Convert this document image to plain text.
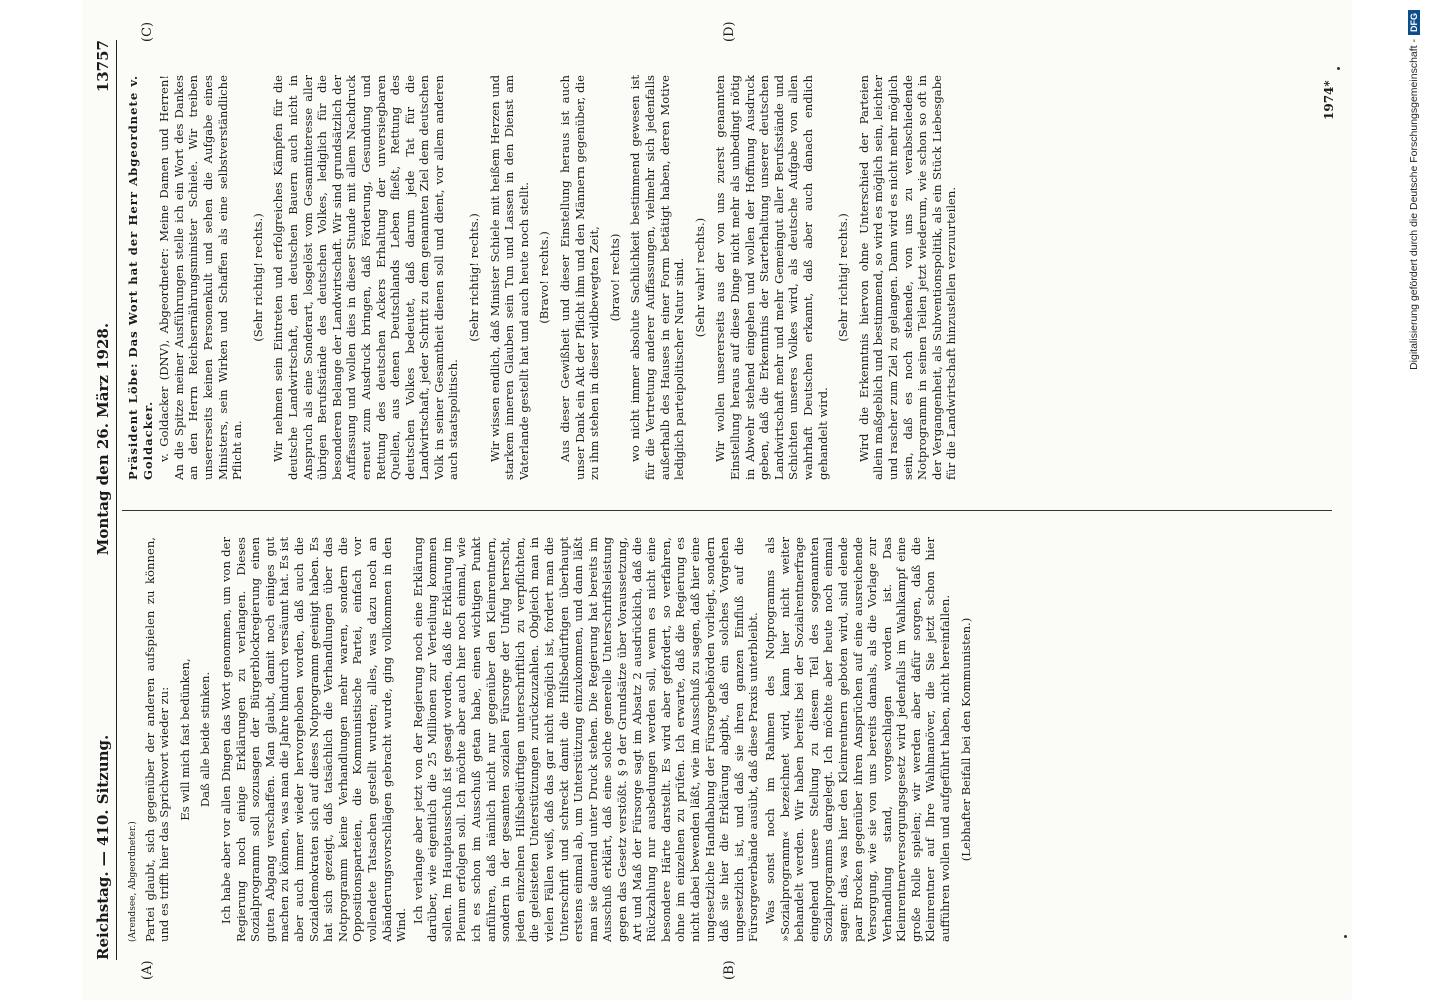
Reichstag. — 410. Sitzung.
Montag den 26. März 1928.
13757
(A)	(B)
(C)	(D)

(Arendsee, Abgeordneter.) Partei glaubt, sich gegenüber der anderen aufspielen zu können, und es trifft hier das Sprichwort wieder zu: Es will mich fast bedünken, Daß alle beide stinken. Ich habe aber vor allen Dingen das Wort genommen, um von der Regierung noch einige Erklärungen zu verlangen. Dieses Sozialprogramm soll sozusagen der Bürgerblockregierung einen guten Abgang verschaffen. Man glaubt, damit noch einiges gut machen zu können, was man die Jahre hindurch versäumt hat. Es ist aber auch immer wieder hervorgehoben worden, daß auch die Sozialdemokraten sich auf dieses Notprogramm geeinigt haben. Es hat sich gezeigt, daß tatsächlich die Verhandlungen über das Notprogramm keine Verhandlungen mehr waren, sondern die Oppositionsparteien, die Kommunistische Partei, einfach vor vollendete Tatsachen gestellt wurden; alles, was dazu noch an Abänderungsvorschlägen gebracht wurde, ging vollkommen in den Wind.

Ich verlange aber jetzt von der Regierung noch eine Erklärung darüber, wie eigentlich die 25 Millionen zur Verteilung kommen sollen. Im Hauptausschuß ist gesagt worden, daß die Erklärung im Plenum erfolgen soll. Ich möchte aber auch hier noch einmal, wie ich es schon im Ausschuß getan habe, einen wichtigen Punkt anführen, daß nämlich nicht nur gegenüber den Kleinrentnern, sondern in der gesamten sozialen Fürsorge der Unfug herrscht, jeden einzelnen Hilfsbedürftigen unterschriftlich zu verpflichten, die geleisteten Unterstützungen zurückzuzahlen. Obgleich man in vielen Fällen weiß, daß das gar nicht möglich ist, fordert man die Unterschrift und schreckt damit die Hilfsbedürftigen überhaupt erstens einmal ab, um Unterstützung einzukommen, und dann läßt man sie dauernd unter Druck stehen. Die Regierung hat bereits im Ausschuß erklärt, daß eine solche generelle Unterschriftsleistung gegen das Gesetz verstößt. § 9 der Grundsätze über Voraussetzung, Art und Maß der Fürsorge sagt im Absatz 2 ausdrücklich, daß die Rückzahlung nur ausbedungen werden soll, wenn es nicht eine besondere Härte darstellt. Es wird aber gefordert, so verfahren, ohne im einzelnen zu prüfen. Ich erwarte, daß die Regierung es nicht dabei bewenden läßt, wie im Ausschuß zu sagen, daß hier eine ungesetzliche Handhabung der Fürsorgebehörden vorliegt, sondern daß sie hier die Erklärung abgibt, daß ein solches Vorgehen ungesetzlich ist, und daß sie ihren ganzen Einfluß auf die Fürsorgeverbände ausübt, daß diese Praxis unterbleibt. Was sonst noch im Rahmen des Notprogramms als »Sozialprogramm« bezeichnet wird, kann hier nicht weiter behandelt werden. Wir haben bereits bei der Sozialrentnerfrage eingehend unsere Stellung zu diesem Teil des sogenannten Sozialprogramms dargelegt. Ich möchte aber heute noch einmal sagen: das, was hier den Kleinrentnern geboten wird, sind elende paar Brocken gegenüber ihren Ansprüchen auf eine ausreichende Versorgung, wie sie von uns bereits damals, als die Vorlage zur Verhandlung stand, vorgeschlagen worden ist. Das Kleinrentnerversorgungsgesetz wird jedenfalls im Wahlkampf eine große Rolle spielen; wir werden aber dafür sorgen, daß die Kleinrentner auf Ihre Wahlmanöver, die Sie jetzt schon hier aufführen wollen und aufgeführt haben, nicht hereinfallen. (Lebhafter Beifall bei den Kommunisten.)

Präsident Löbe: Das Wort hat der Herr Abgeordnete v. Goldacker. v. Goldacker (DNV), Abgeordneter: Meine Damen und Herren! An die Spitze meiner Ausführungen stelle ich ein Wort des Dankes an den Herrn Reichsernährungsminister Schiele. Wir treiben unsererseits keinen Personenkult und sehen die Aufgabe eines Ministers, sein Wirken und Schaffen als eine selbstverständliche Pflicht an.

(Sehr richtig! rechts.) Wir nehmen sein Eintreten und erfolgreiches Kämpfen für die deutsche Landwirtschaft, den deutschen Bauern auch nicht in Anspruch als eine Sonderart, losgelöst vom Gesamtinteresse aller übrigen Berufsstände des deutschen Volkes, lediglich für die besonderen Belange der Landwirtschaft. Wir sind grundsätzlich der Auffassung und wollen dies in dieser Stunde mit allem Nachdruck erneut zum Ausdruck bringen, daß Förderung, Gesundung und Rettung des deutschen Ackers Erhaltung der unversiegbaren Quellen, aus denen Deutschlands Leben fließt, Rettung des deutschen Volkes bedeutet, daß darum jede Tat für die Landwirtschaft, jeder Schritt zu dem genannten Ziel dem deutschen Volk in seiner Gesamtheit dienen soll und dient, vor allem anderen auch staatspolitisch.

(Sehr richtig! rechts.) Wir wissen endlich, daß Minister Schiele mit heißem Herzen und starkem inneren Glauben sein Tun und Lassen in den Dienst am Vaterlande gestellt hat und auch heute noch stellt. (Bravo! rechts.) Aus dieser Gewißheit und dieser Einstellung heraus ist auch unser Dank ein Akt der Pflicht ihm und den Männern gegenüber, die zu ihm stehen in dieser wildbewegten Zeit, (bravo! rechts) wo nicht immer absolute Sachlichkeit bestimmend gewesen ist für die Vertretung anderer Auffassungen, vielmehr sich jedenfalls außerhalb des Hauses in einer Form betätigt haben, deren Motive lediglich parteipolitischer Natur sind. (Sehr wahr! rechts.) Wir wollen unsererseits aus der von uns zuerst genannten Einstellung heraus auf diese Dinge nicht mehr als unbedingt nötig in Abwehr stehend eingehen und wollen der Hoffnung Ausdruck geben, daß die Erkenntnis der Starterhaltung unserer deutschen Landwirtschaft mehr und mehr Gemeingut aller Berufsstände und Schichten unseres Volkes wird, als deutsche Aufgabe von allen wahrhaft Deutschen erkannt, daß aber auch danach endlich gehandelt wird.

(Sehr richtig! rechts.) Wird die Erkenntnis hiervon ohne Unterschied der Parteien allein maßgeblich und bestimmend, so wird es möglich sein, leichter und rascher zum Ziel zu gelangen. Dann wird es nicht mehr möglich sein, daß es noch stehende, von uns zu verabschiedende Notprogramm in seinen Teilen jetzt wiederum, wie schon so oft in der Vergangenheit, als Subventionspolitik, als ein Stück Liebesgabe für die Landwirtschaft hinzustellen verzuurteilen.

1974*	Digitalisierung gefördert durch die Deutsche Forschungsgemeinschaft -
DFG
